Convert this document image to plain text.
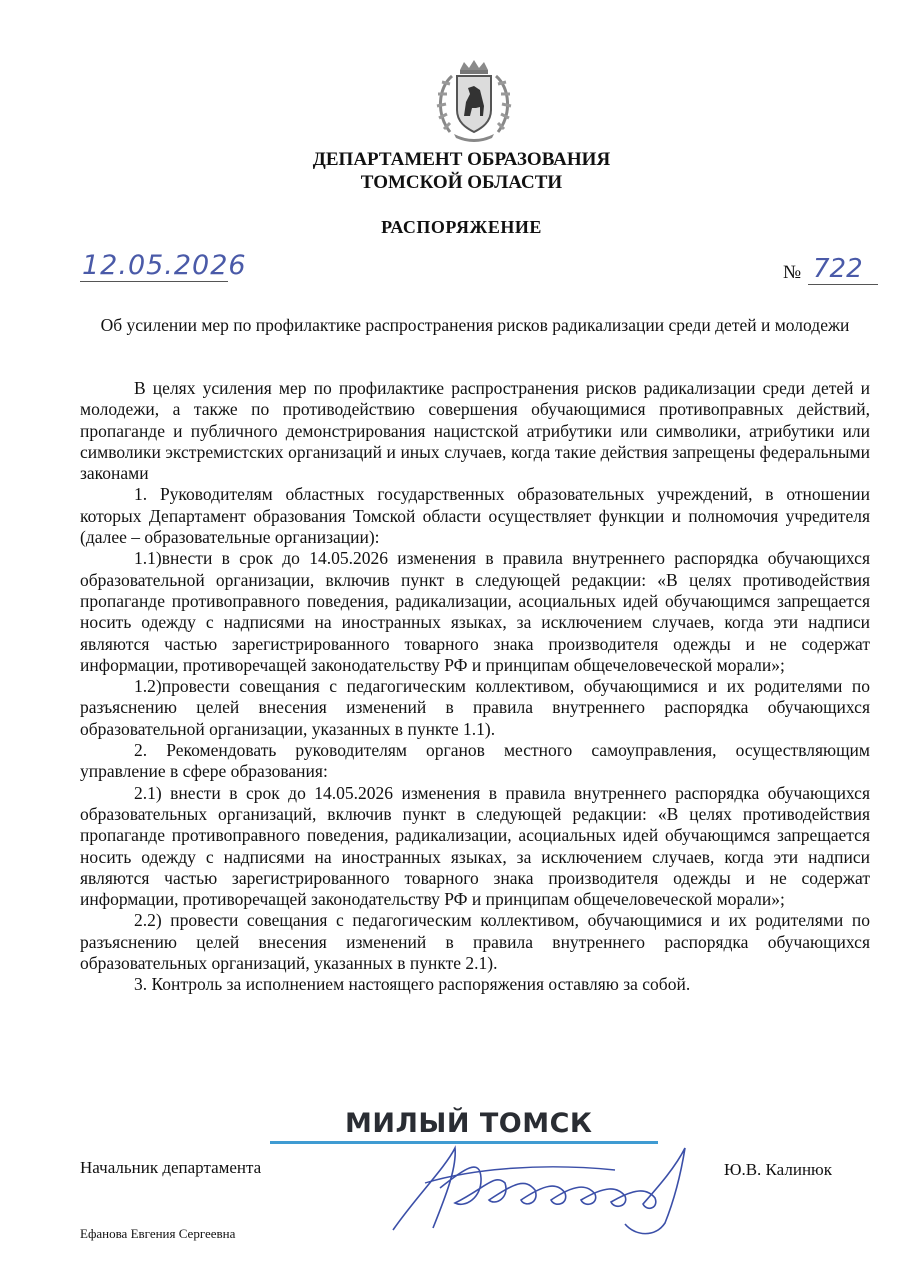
ДЕПАРТАМЕНТ ОБРАЗОВАНИЯ
ТОМСКОЙ ОБЛАСТИ
РАСПОРЯЖЕНИЕ
12.05.2026	№ 722
Об усилении мер по профилактике распространения рисков радикализации среди детей и молодежи

В целях усиления мер по профилактике распространения рисков радикализации среди детей и молодежи, а также по противодействию совершения обучающимися противоправных действий, пропаганде и публичного демонстрирования нацистской атрибутики или символики, атрибутики или символики экстремистских организаций и иных случаев, когда такие действия запрещены федеральными законами

1. Руководителям областных государственных образовательных учреждений, в отношении которых Департамент образования Томской области осуществляет функции и полномочия учредителя (далее – образовательные организации):

1.1)внести в срок до 14.05.2026 изменения в правила внутреннего распорядка обучающихся образовательной организации, включив пункт в следующей редакции: «В целях противодействия пропаганде противоправного поведения, радикализации, асоциальных идей обучающимся запрещается носить одежду с надписями на иностранных языках, за исключением случаев, когда эти надписи являются частью зарегистрированного товарного знака производителя одежды и не содержат информации, противоречащей законодательству РФ и принципам общечеловеческой морали»;

1.2)провести совещания с педагогическим коллективом, обучающимися и их родителями по разъяснению целей внесения изменений в правила внутреннего распорядка обучающихся образовательной организации, указанных в пункте 1.1).

2. Рекомендовать руководителям органов местного самоуправления, осуществляющим управление в сфере образования:

2.1) внести в срок до 14.05.2026 изменения в правила внутреннего распорядка обучающихся образовательных организаций, включив пункт в следующей редакции: «В целях противодействия пропаганде противоправного поведения, радикализации, асоциальных идей обучающимся запрещается носить одежду с надписями на иностранных языках, за исключением случаев, когда эти надписи являются частью зарегистрированного товарного знака производителя одежды и не содержат информации, противоречащей законодательству РФ и принципам общечеловеческой морали»;

2.2) провести совещания с педагогическим коллективом, обучающимися и их родителями по разъяснению целей внесения изменений в правила внутреннего распорядка обучающихся образовательных организаций, указанных в пункте 2.1).

3. Контроль за исполнением настоящего распоряжения оставляю за собой.

МИЛЫЙ ТОМСК
Начальник департамента	Ю.В. Калинюк
Ефанова Евгения Сергеевна
